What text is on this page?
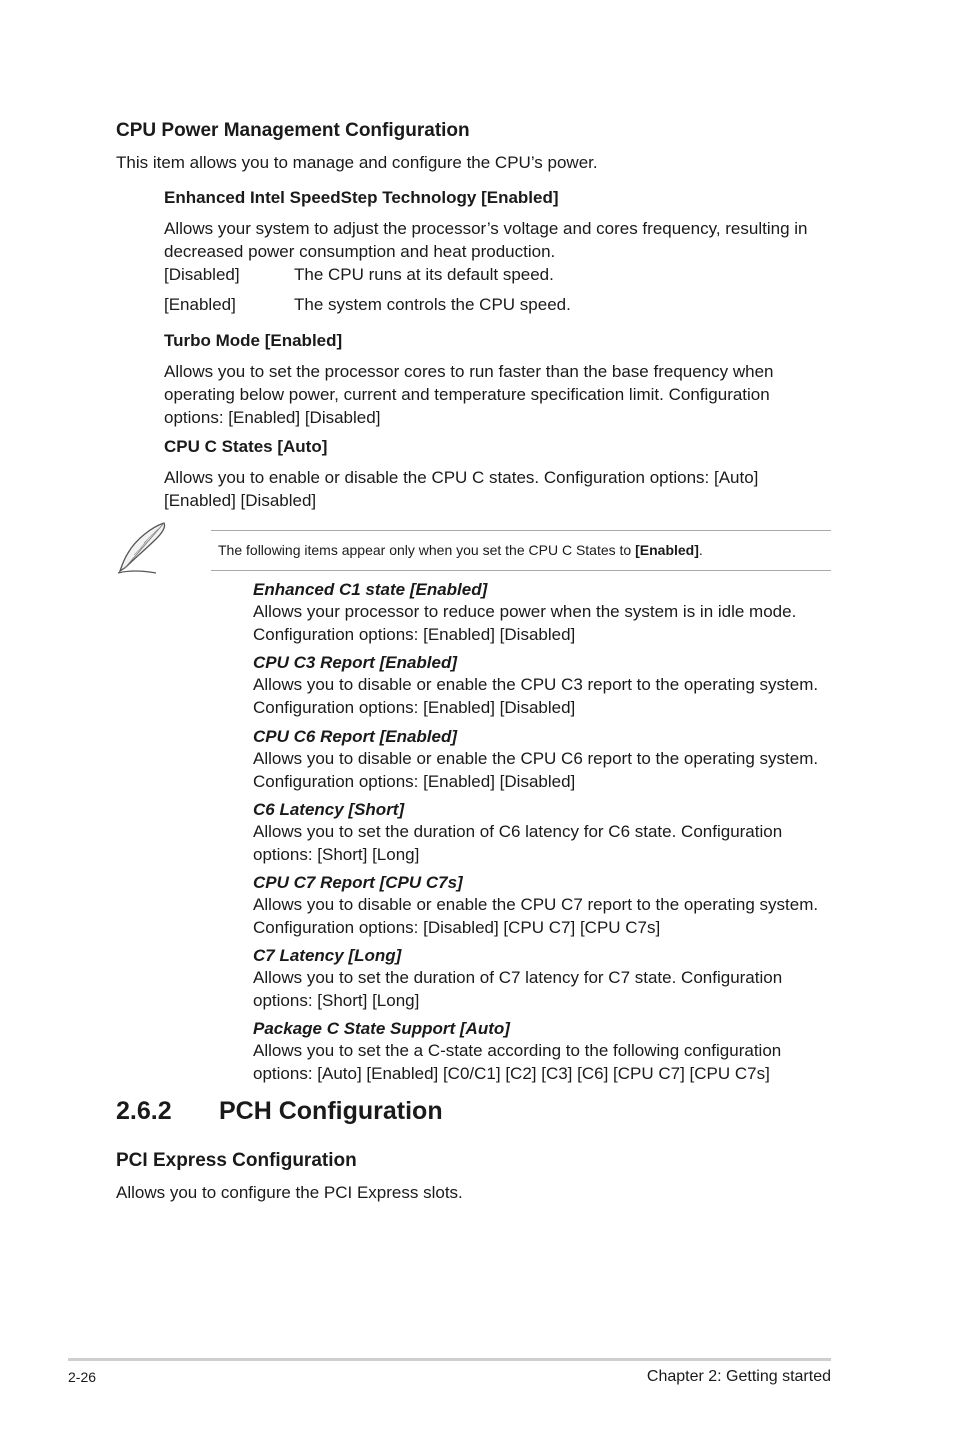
CPU Power Management Configuration
This item allows you to manage and configure the CPU’s power.
Enhanced Intel SpeedStep Technology [Enabled]
Allows your system to adjust the processor’s voltage and cores frequency, resulting in decreased power consumption and heat production.
[Disabled]	The CPU runs at its default speed.
[Enabled]	The system controls the CPU speed.
Turbo Mode [Enabled]
Allows you to set the processor cores to run faster than the base frequency when operating below power, current and temperature specification limit. Configuration options: [Enabled] [Disabled]
CPU C States [Auto]
Allows you to enable or disable the CPU C states. Configuration options: [Auto] [Enabled] [Disabled]
The following items appear only when you set the CPU C States to [Enabled].
Enhanced C1 state [Enabled]
Allows your processor to reduce power when the system is in idle mode.
Configuration options: [Enabled] [Disabled]
CPU C3 Report [Enabled]
Allows you to disable or enable the CPU C3 report to the operating system.
Configuration options: [Enabled] [Disabled]
CPU C6 Report [Enabled]
Allows you to disable or enable the CPU C6 report to the operating system.
Configuration options: [Enabled] [Disabled]
C6 Latency [Short]
Allows you to set the duration of C6 latency for C6 state. Configuration
options: [Short] [Long]
CPU C7 Report [CPU C7s]
Allows you to disable or enable the CPU C7 report to the operating system.
Configuration options: [Disabled] [CPU C7] [CPU C7s]
C7 Latency [Long]
Allows you to set the duration of C7 latency for C7 state. Configuration
options: [Short] [Long]
Package C State Support [Auto]
Allows you to set the a C-state according to the following configuration
options: [Auto] [Enabled] [C0/C1] [C2] [C3] [C6] [CPU C7] [CPU C7s]
2.6.2 PCH Configuration
PCI Express Configuration
Allows you to configure the PCI Express slots.
2-26	Chapter 2: Getting started
